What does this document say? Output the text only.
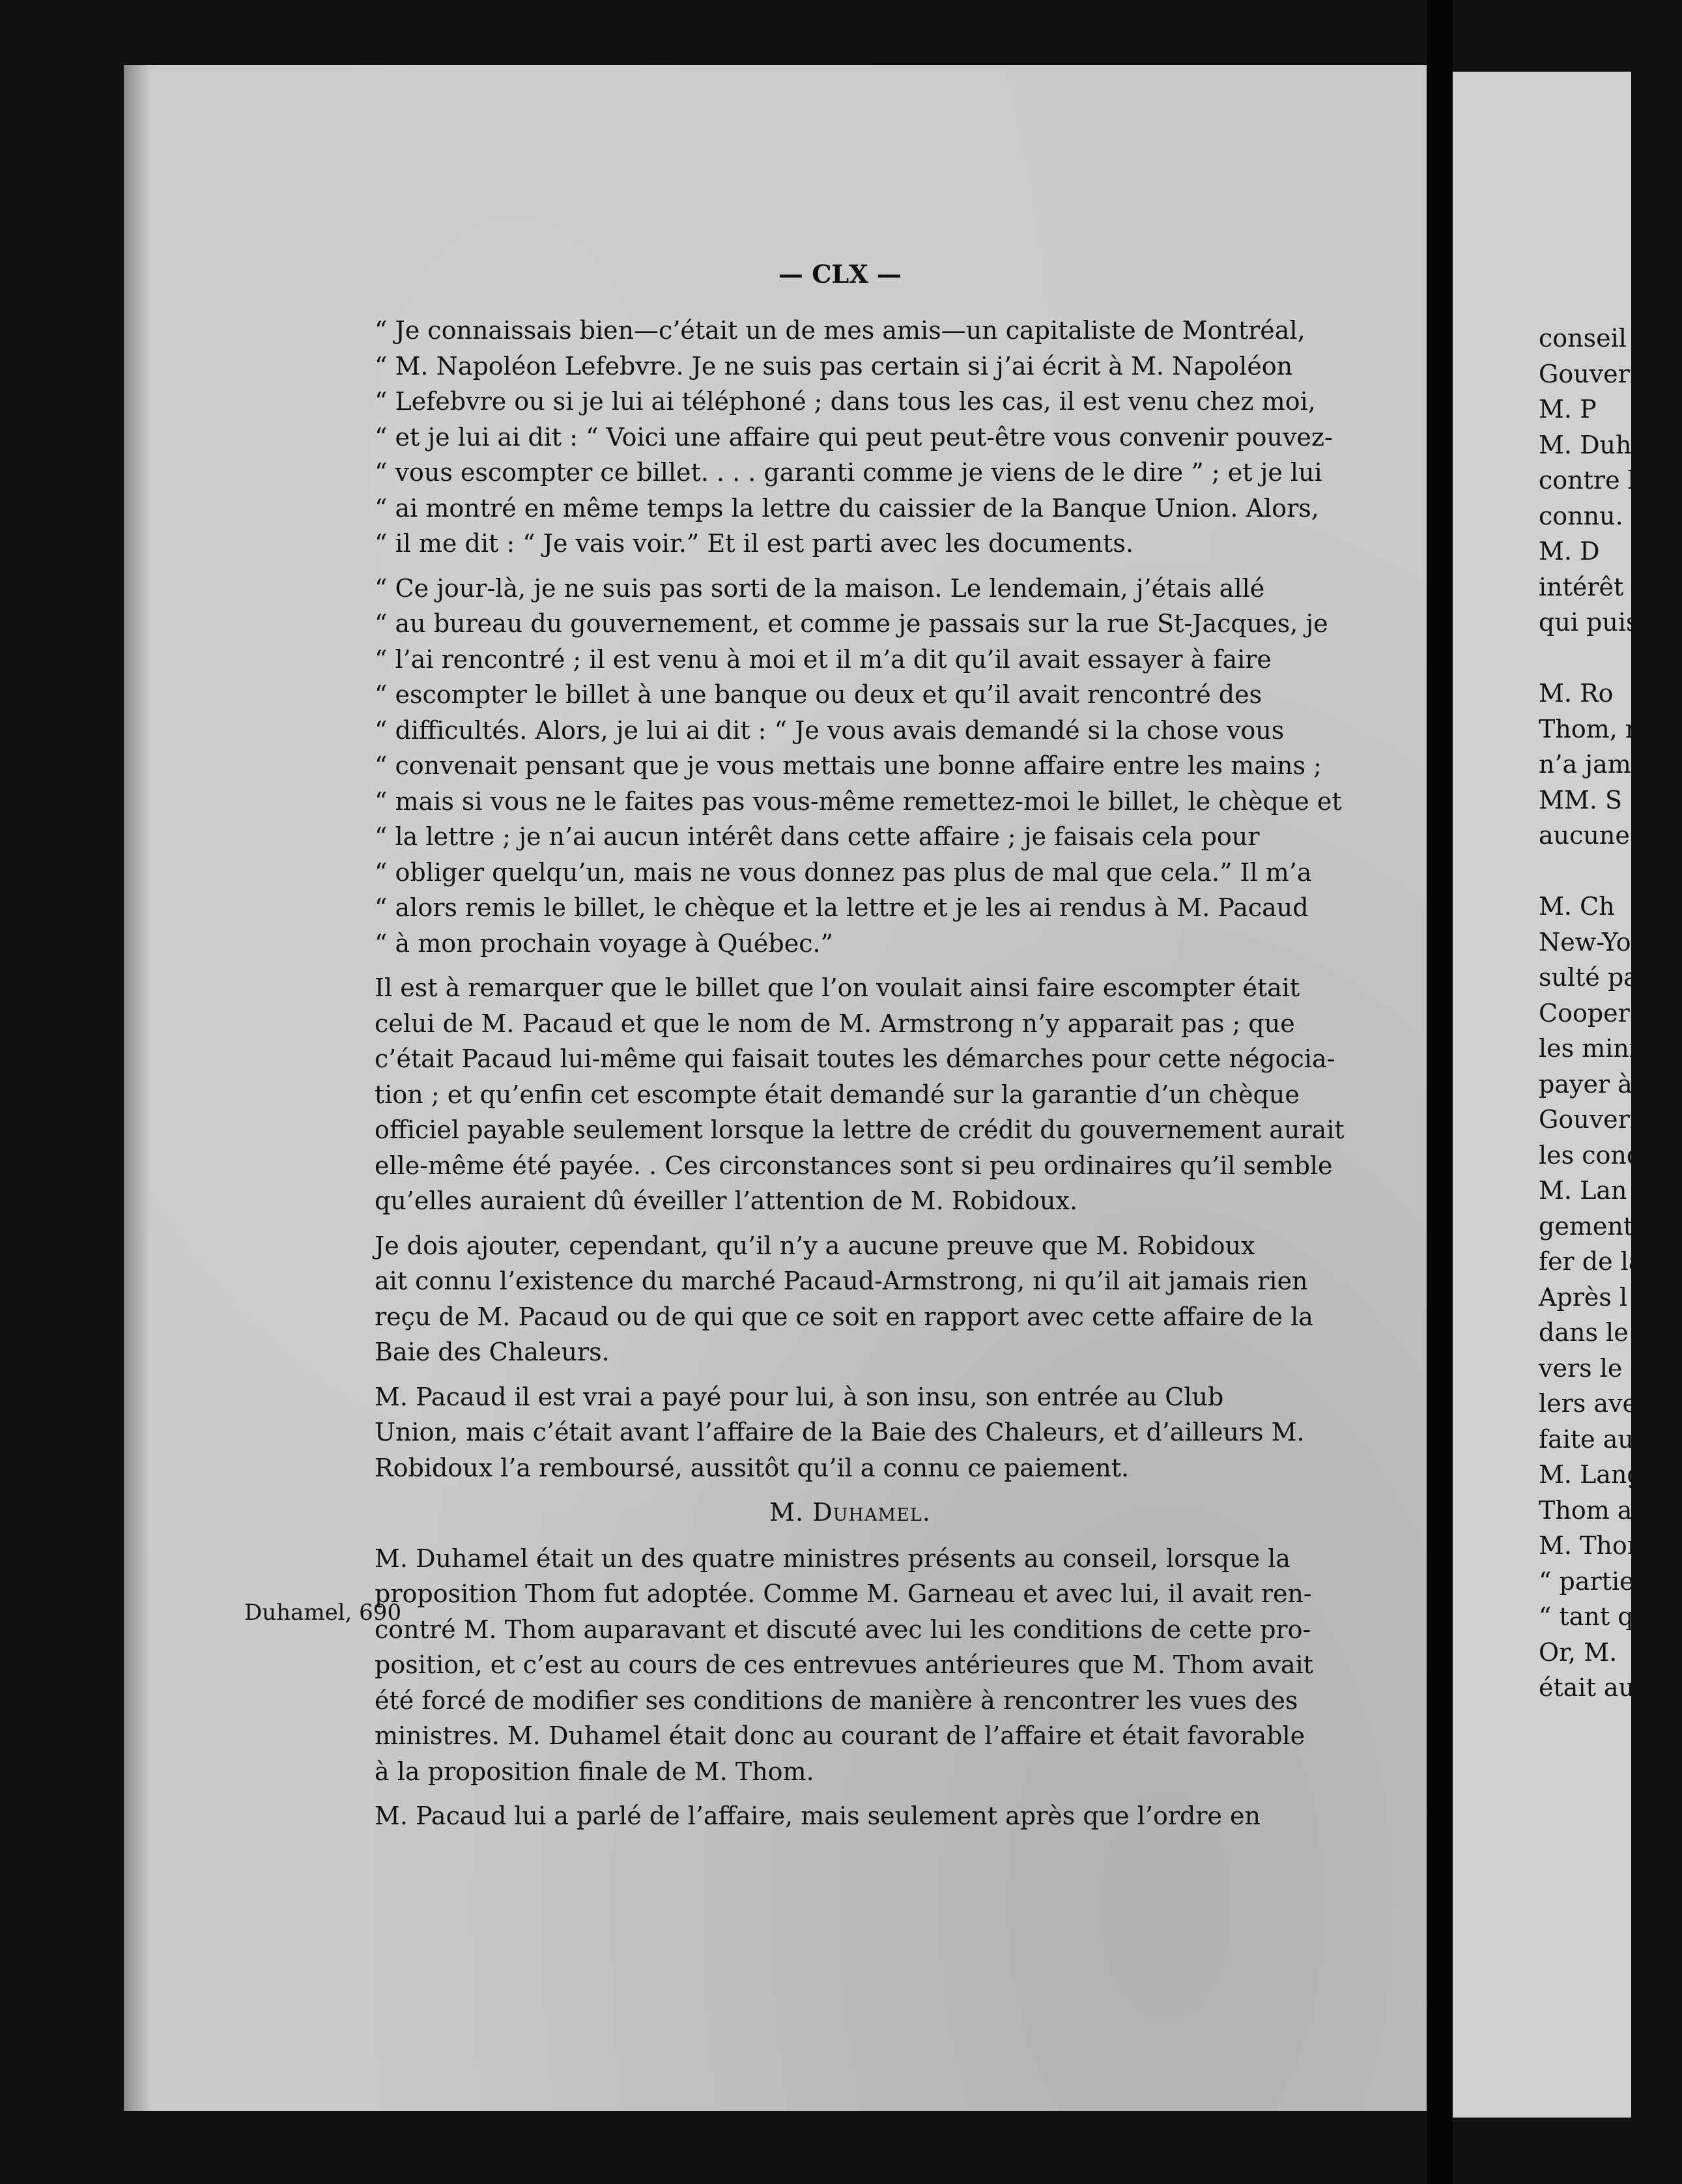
— CLX —

“ Je connaissais bien—c’était un de mes amis—un capitaliste de Montréal,
“ M. Napoléon Lefebvre. Je ne suis pas certain si j’ai écrit à M. Napoléon
“ Lefebvre ou si je lui ai téléphoné ; dans tous les cas, il est venu chez moi,
“ et je lui ai dit : “ Voici une affaire qui peut peut-être vous convenir pouvez-
“ vous escompter ce billet. . . . garanti comme je viens de le dire ” ; et je lui
“ ai montré en même temps la lettre du caissier de la Banque Union. Alors,
“ il me dit : “ Je vais voir.” Et il est parti avec les documents.

“ Ce jour-là, je ne suis pas sorti de la maison. Le lendemain, j’étais allé
“ au bureau du gouvernement, et comme je passais sur la rue St-Jacques, je
“ l’ai rencontré ; il est venu à moi et il m’a dit qu’il avait essayer à faire
“ escompter le billet à une banque ou deux et qu’il avait rencontré des
“ difficultés. Alors, je lui ai dit : “ Je vous avais demandé si la chose vous
“ convenait pensant que je vous mettais une bonne affaire entre les mains ;
“ mais si vous ne le faites pas vous-même remettez-moi le billet, le chèque et
“ la lettre ; je n’ai aucun intérêt dans cette affaire ; je faisais cela pour
“ obliger quelqu’un, mais ne vous donnez pas plus de mal que cela.” Il m’a
“ alors remis le billet, le chèque et la lettre et je les ai rendus à M. Pacaud
“ à mon prochain voyage à Québec.”

Il est à remarquer que le billet que l’on voulait ainsi faire escompter était
celui de M. Pacaud et que le nom de M. Armstrong n’y apparait pas ; que
c’était Pacaud lui-même qui faisait toutes les démarches pour cette négocia-
tion ; et qu’enfin cet escompte était demandé sur la garantie d’un chèque
officiel payable seulement lorsque la lettre de crédit du gouvernement aurait
elle-même été payée. . Ces circonstances sont si peu ordinaires qu’il semble
qu’elles auraient dû éveiller l’attention de M. Robidoux.

Je dois ajouter, cependant, qu’il n’y a aucune preuve que M. Robidoux
ait connu l’existence du marché Pacaud-Armstrong, ni qu’il ait jamais rien
reçu de M. Pacaud ou de qui que ce soit en rapport avec cette affaire de la
Baie des Chaleurs.

M. Pacaud il est vrai a payé pour lui, à son insu, son entrée au Club
Union, mais c’était avant l’affaire de la Baie des Chaleurs, et d’ailleurs M.
Robidoux l’a remboursé, aussitôt qu’il a connu ce paiement.

M. Duhamel.

M. Duhamel était un des quatre ministres présents au conseil, lorsque la
proposition Thom fut adoptée. Comme M. Garneau et avec lui, il avait ren-
contré M. Thom auparavant et discuté avec lui les conditions de cette pro-
position, et c’est au cours de ces entrevues antérieures que M. Thom avait
été forcé de modifier ses conditions de manière à rencontrer les vues des
ministres. M. Duhamel était donc au courant de l’affaire et était favorable
à la proposition finale de M. Thom.

M. Pacaud lui a parlé de l’affaire, mais seulement après que l’ordre en

Duhamel, 690
conseil
Gouvern
M. P
M. Duh
contre l
connu.
M. D
intérêt c
qui puis
M. Ro
Thom, m
n’a jama
MM. S
aucune c
M. Ch
New-Yor
sulté par
Cooper et
les minis
payer à t
Gouverne
les condit
M. Lan
gements f
fer de la
Après l
dans le su
vers le 12
lers avec
faite au n
M. Langel
Thom a ét
M. Thom
“ partie d
“ tant que
Or, M.
était aussi
